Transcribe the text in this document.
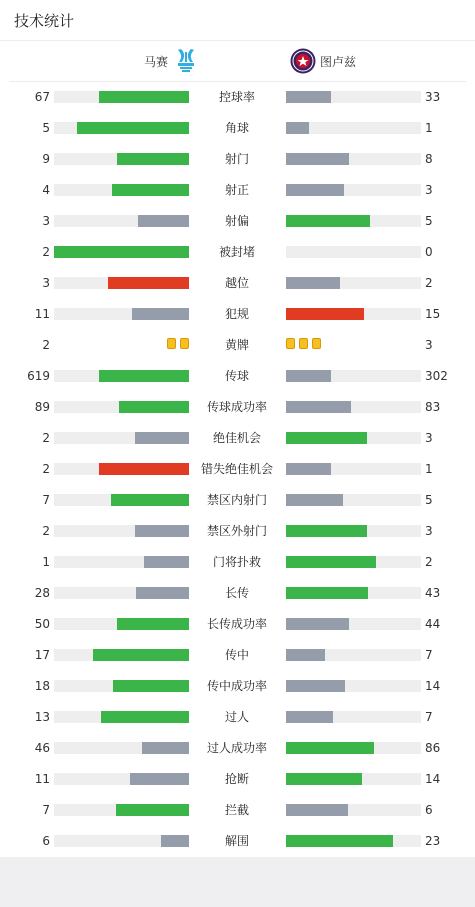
技术统计
马赛	图卢兹
67	控球率	33
5	角球	1
9	射门	8
4	射正	3
3	射偏	5
2	被封堵	0
3	越位	2
11	犯规	15
2	黄牌	3
619	传球	302
89	传球成功率	83
2	绝佳机会	3
2	错失绝佳机会	1
7	禁区内射门	5
2	禁区外射门	3
1	门将扑救	2
28	长传	43
50	长传成功率	44
17	传中	7
18	传中成功率	14
13	过人	7
46	过人成功率	86
11	抢断	14
7	拦截	6
6	解围	23
